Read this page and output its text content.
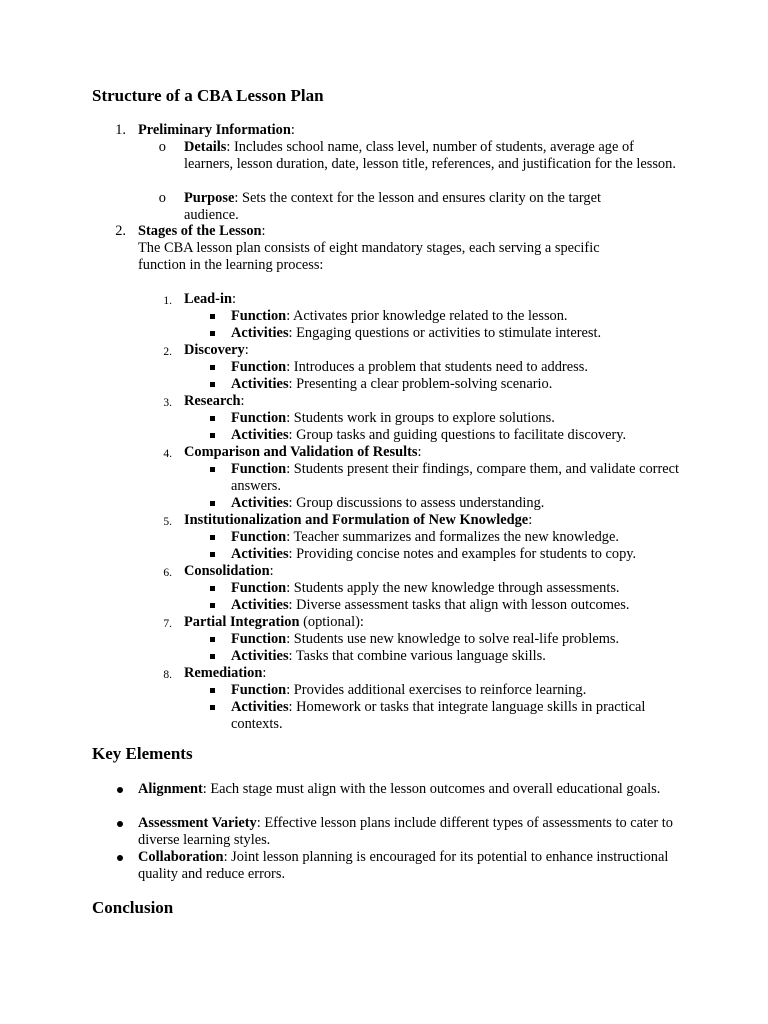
Structure of a CBA Lesson Plan
1. Preliminary Information:
o Details: Includes school name, class level, number of students, average age of learners, lesson duration, date, lesson title, references, and justification for the lesson.
o Purpose: Sets the context for the lesson and ensures clarity on the target audience.
2. Stages of the Lesson:
The CBA lesson plan consists of eight mandatory stages, each serving a specific function in the learning process:
1. Lead-in:
Function: Activates prior knowledge related to the lesson.
Activities: Engaging questions or activities to stimulate interest.
2. Discovery:
Function: Introduces a problem that students need to address.
Activities: Presenting a clear problem-solving scenario.
3. Research:
Function: Students work in groups to explore solutions.
Activities: Group tasks and guiding questions to facilitate discovery.
4. Comparison and Validation of Results:
Function: Students present their findings, compare them, and validate correct answers.
Activities: Group discussions to assess understanding.
5. Institutionalization and Formulation of New Knowledge:
Function: Teacher summarizes and formalizes the new knowledge.
Activities: Providing concise notes and examples for students to copy.
6. Consolidation:
Function: Students apply the new knowledge through assessments.
Activities: Diverse assessment tasks that align with lesson outcomes.
7. Partial Integration (optional):
Function: Students use new knowledge to solve real-life problems.
Activities: Tasks that combine various language skills.
8. Remediation:
Function: Provides additional exercises to reinforce learning.
Activities: Homework or tasks that integrate language skills in practical contexts.
Key Elements
Alignment: Each stage must align with the lesson outcomes and overall educational goals.
Assessment Variety: Effective lesson plans include different types of assessments to cater to diverse learning styles.
Collaboration: Joint lesson planning is encouraged for its potential to enhance instructional quality and reduce errors.
Conclusion
